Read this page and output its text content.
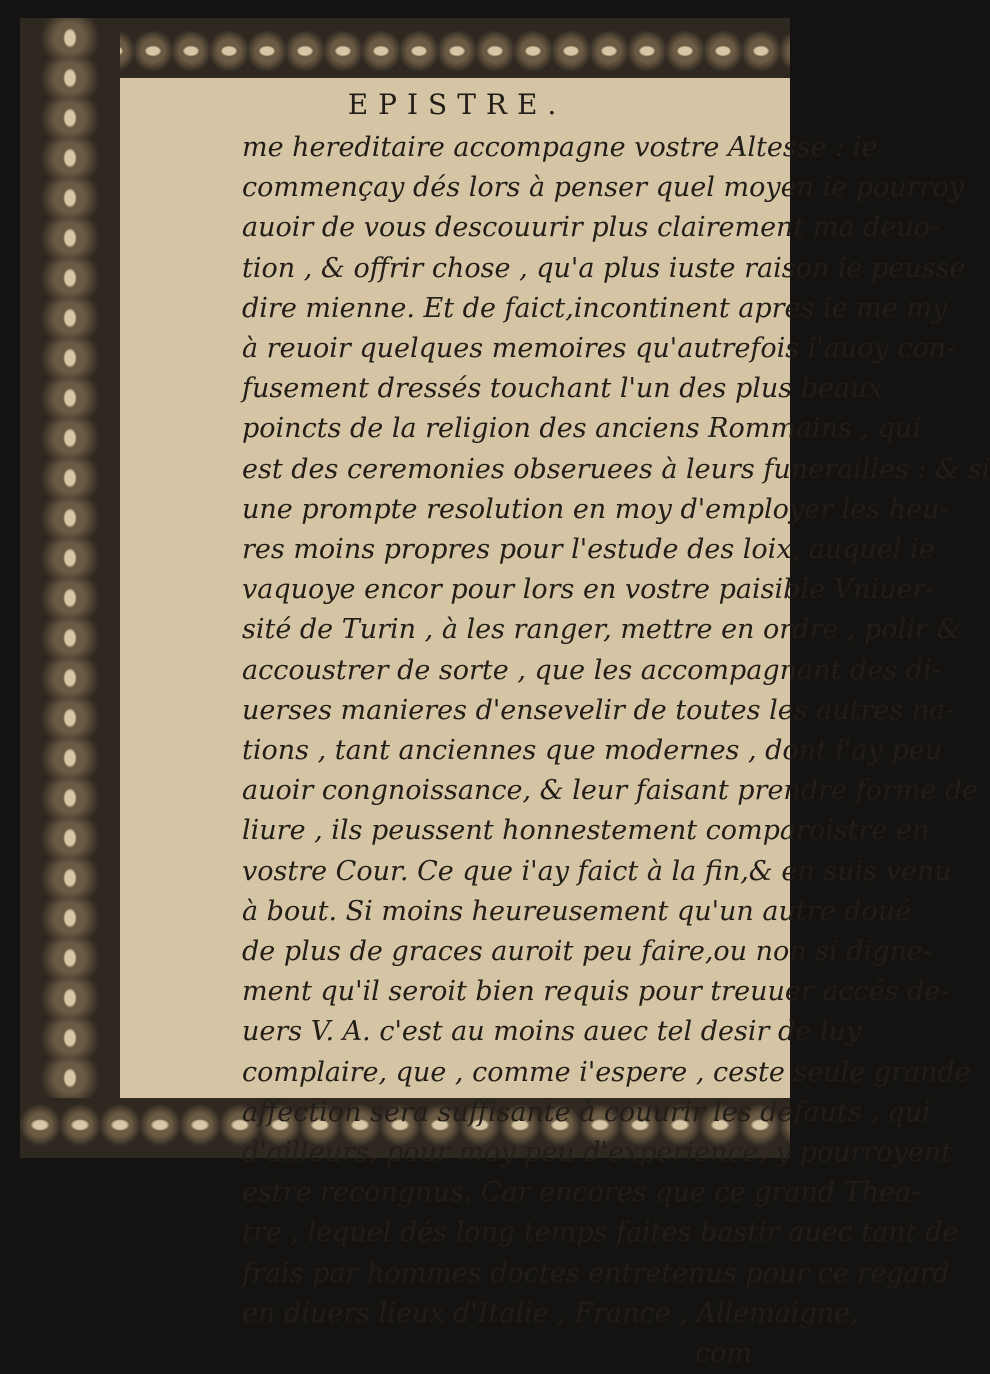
EPISTRE.
me hereditaire accompagne vostre Altesse : ie
commençay dés lors à penser quel moyen ie pourroy
auoir de vous descouurir plus clairement ma deuo-
tion , & offrir chose , qu'a plus iuste raison ie peusse
dire mienne. Et de faict,incontinent apres ie me my
à reuoir quelques memoires qu'autrefois i'auoy con-
fusement dressés touchant l'un des plus beaux
poincts de la religion des anciens Rommains , qui
est des ceremonies obseruees à leurs funerailles : & si
une prompte resolution en moy d'employer les heu-
res moins propres pour l'estude des loix, auquel ie
vaquoye encor pour lors en vostre paisible Vniuer-
sité de Turin , à les ranger, mettre en ordre , polir &
accoustrer de sorte , que les accompagnant des di-
uerses manieres d'ensevelir de toutes les autres na-
tions , tant anciennes que modernes , dont i'ay peu
auoir congnoissance, & leur faisant prendre forme de
liure , ils peussent honnestement comparoistre en
vostre Cour. Ce que i'ay faict à la fin,& en suis venu
à bout. Si moins heureusement qu'un autre doué
de plus de graces auroit peu faire,ou non si digne-
ment qu'il seroit bien requis pour treuuer accés de-
uers V. A. c'est au moins auec tel desir de luy
complaire, que , comme i'espere , ceste seule grande
affection sera suffisante à couurir les defauts , qui
d'ailleurs, pour moy peu d'experience, y pourroyent
estre recongnus. Car encores que ce grand Thea-
tre , lequel dés long temps faites bastir auec tant de
frais par hommes doctes entretenus pour ce regard
en diuers lieux d'Italie , France , Allemaigne,
com
